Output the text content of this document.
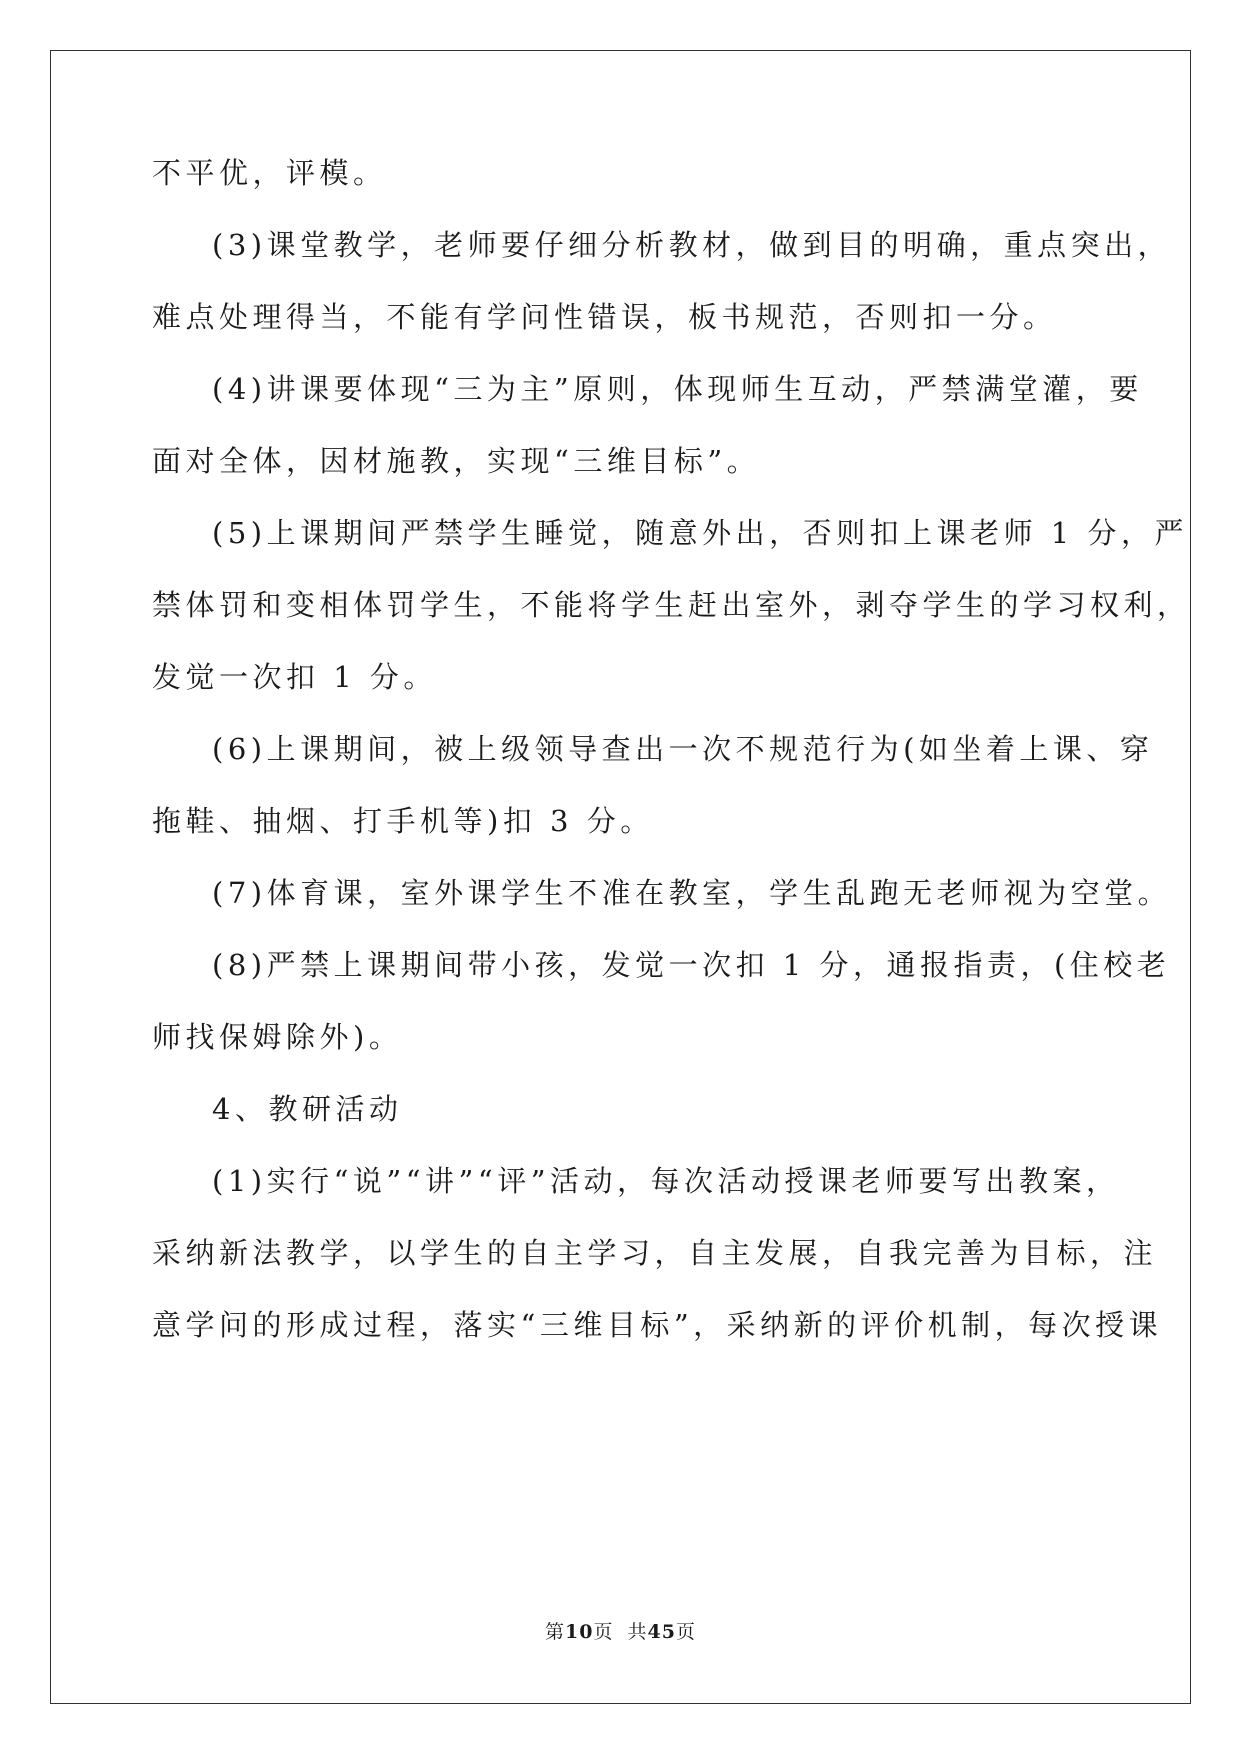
不平优，评模。
(3)课堂教学，老师要仔细分析教材，做到目的明确，重点突出，
难点处理得当，不能有学问性错误，板书规范，否则扣一分。
(4)讲课要体现“三为主”原则，体现师生互动，严禁满堂灌，要
面对全体，因材施教，实现“三维目标”。
(5)上课期间严禁学生睡觉，随意外出，否则扣上课老师 1 分，严
禁体罚和变相体罚学生，不能将学生赶出室外，剥夺学生的学习权利，
发觉一次扣 1 分。
(6)上课期间，被上级领导查出一次不规范行为(如坐着上课、穿
拖鞋、抽烟、打手机等)扣 3 分。
(7)体育课，室外课学生不准在教室，学生乱跑无老师视为空堂。
(8)严禁上课期间带小孩，发觉一次扣 1 分，通报指责，(住校老
师找保姆除外)。
4、教研活动
(1)实行“说”“讲”“评”活动，每次活动授课老师要写出教案，
采纳新法教学，以学生的自主学习，自主发展，自我完善为目标，注
意学问的形成过程，落实“三维目标”，采纳新的评价机制，每次授课
第10页 共45页
